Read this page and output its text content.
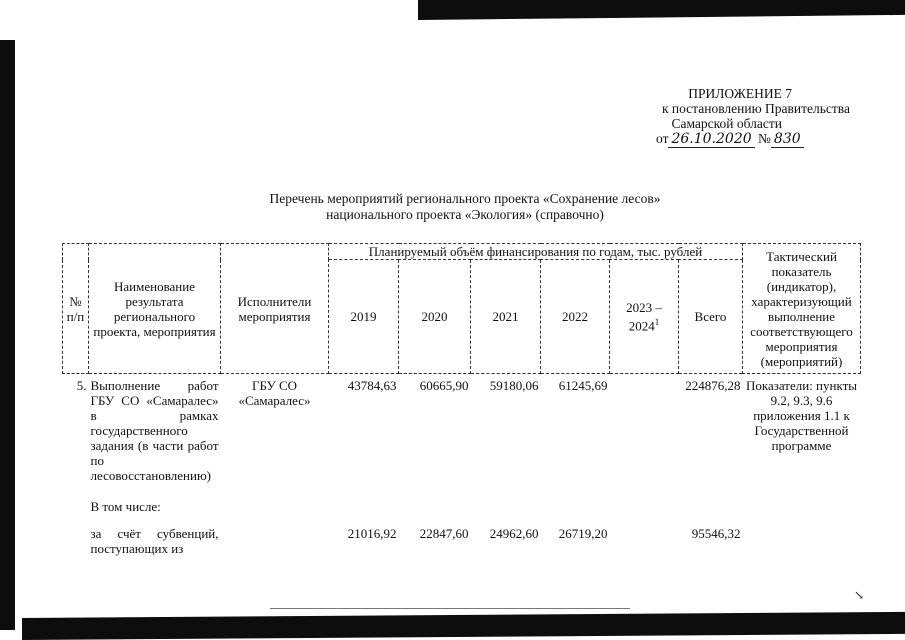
↘
ПРИЛОЖЕНИЕ 7
к постановлению Правительства
Самарской области
от 26.10.2020 № 830
Перечень мероприятий регионального проекта «Сохранение лесов»
национального проекта «Экология» (справочно)
№ п/п	Наименование результата регионального проекта, мероприятия	Исполнители мероприятия	Планируемый объём финансирования по годам, тыс. рублей						Тактический показатель (индикатор), характеризующий выполнение соответствующего мероприятия (мероприятий)
			2019	2020	2021	2022	2023 – 2024$^1$	Всего	
5.	Выполнение работ ГБУ СО «Самаралес» в рамках государственного задания (в части работ по лесовосстановлению)	ГБУ СО «Самаралес»	43784,63	60665,90	59180,06	61245,69		224876,28	Показатели: пункты 9.2, 9.3, 9.6 приложения 1.1 к Государственной программе
	В том числе:								
	за счёт субвенций, поступающих из		21016,92	22847,60	24962,60	26719,20		95546,32	
